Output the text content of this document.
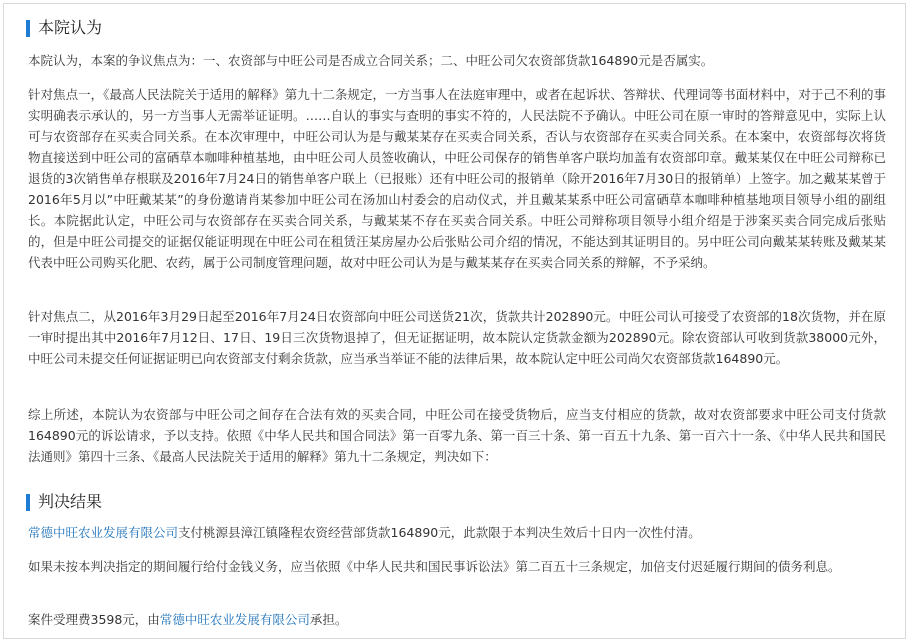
本院认为

本院认为，本案的争议焦点为：一、农资部与中旺公司是否成立合同关系；二、中旺公司欠农资部货款164890元是否属实。

针对焦点一，《最高人民法院关于适用的解释》第九十二条规定，一方当事人在法庭审理中，或者在起诉状、答辩状、代理词等书面材料中，对于己不利的事实明确表示承认的，另一方当事人无需举证证明。……自认的事实与查明的事实不符的，人民法院不予确认。中旺公司在原一审时的答辩意见中，实际上认可与农资部存在买卖合同关系。在本次审理中，中旺公司认为是与戴某某存在买卖合同关系，否认与农资部存在买卖合同关系。在本案中，农资部每次将货物直接送到中旺公司的富硒草本咖啡种植基地，由中旺公司人员签收确认，中旺公司保存的销售单客户联均加盖有农资部印章。戴某某仅在中旺公司辩称已退货的3次销售单存根联及2016年7月24日的销售单客户联上（已报账）还有中旺公司的报销单（除开2016年7月30日的报销单）上签字。加之戴某某曾于2016年5月以”中旺戴某某”的身份邀请肖某参加中旺公司在汤加山村委会的启动仪式，并且戴某某系中旺公司富硒草本咖啡种植基地项目领导小组的副组长。本院据此认定，中旺公司与农资部存在买卖合同关系，与戴某某不存在买卖合同关系。中旺公司辩称项目领导小组介绍是于涉案买卖合同完成后张贴的，但是中旺公司提交的证据仅能证明现在中旺公司在租赁汪某房屋办公后张贴公司介绍的情况，不能达到其证明目的。另中旺公司向戴某某转账及戴某某代表中旺公司购买化肥、农药，属于公司制度管理问题，故对中旺公司认为是与戴某某存在买卖合同关系的辩解，不予采纳。

针对焦点二，从2016年3月29日起至2016年7月24日农资部向中旺公司送货21次，货款共计202890元。中旺公司认可接受了农资部的18次货物，并在原一审时提出其中2016年7月12日、17日、19日三次货物退掉了，但无证据证明，故本院认定货款金额为202890元。除农资部认可收到货款38000元外，中旺公司未提交任何证据证明已向农资部支付剩余货款，应当承当举证不能的法律后果，故本院认定中旺公司尚欠农资部货款164890元。

综上所述，本院认为农资部与中旺公司之间存在合法有效的买卖合同，中旺公司在接受货物后，应当支付相应的货款，故对农资部要求中旺公司支付货款164890元的诉讼请求，予以支持。依照《中华人民共和国合同法》第一百零九条、第一百三十条、第一百五十九条、第一百六十一条、《中华人民共和国民法通则》第四十三条、《最高人民法院关于适用的解释》第九十二条规定，判决如下：

判决结果

常德中旺农业发展有限公司支付桃源县漳江镇隆程农资经营部货款164890元，此款限于本判决生效后十日内一次性付清。

如果未按本判决指定的期间履行给付金钱义务，应当依照《中华人民共和国民事诉讼法》第二百五十三条规定，加倍支付迟延履行期间的债务利息。

案件受理费3598元，由常德中旺农业发展有限公司承担。
